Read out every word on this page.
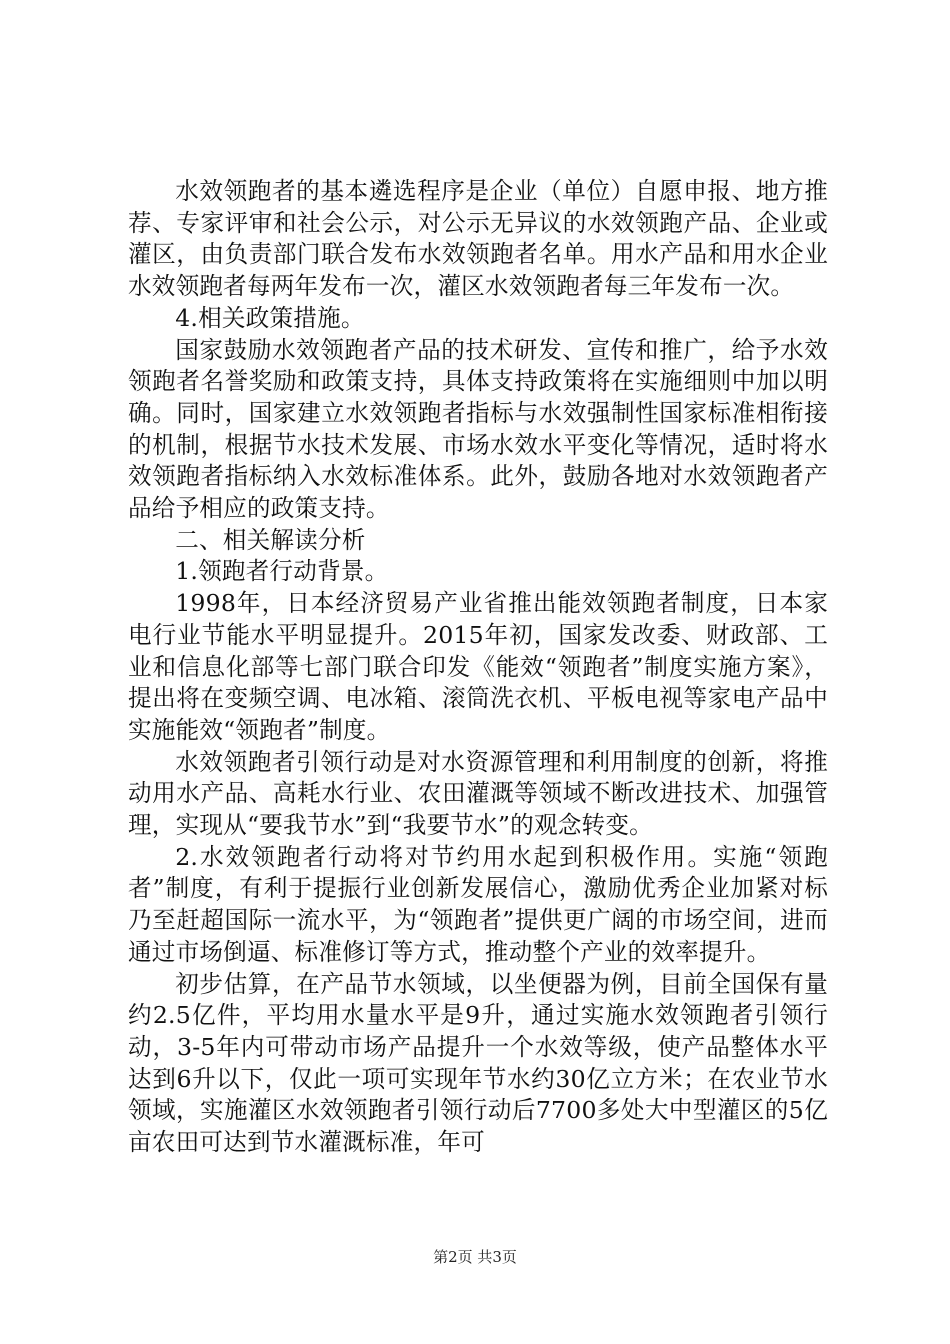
水效领跑者的基本遴选程序是企业（单位）自愿申报、地方推荐、专家评审和社会公示，对公示无异议的水效领跑产品、企业或灌区，由负责部门联合发布水效领跑者名单。用水产品和用水企业水效领跑者每两年发布一次，灌区水效领跑者每三年发布一次。

4.相关政策措施。

国家鼓励水效领跑者产品的技术研发、宣传和推广，给予水效领跑者名誉奖励和政策支持，具体支持政策将在实施细则中加以明确。同时，国家建立水效领跑者指标与水效强制性国家标准相衔接的机制，根据节水技术发展、市场水效水平变化等情况，适时将水效领跑者指标纳入水效标准体系。此外，鼓励各地对水效领跑者产品给予相应的政策支持。

二、相关解读分析

1.领跑者行动背景。

1998年，日本经济贸易产业省推出能效领跑者制度，日本家电行业节能水平明显提升。2015年初，国家发改委、财政部、工业和信息化部等七部门联合印发《能效“领跑者”制度实施方案》，提出将在变频空调、电冰箱、滚筒洗衣机、平板电视等家电产品中实施能效“领跑者”制度。

水效领跑者引领行动是对水资源管理和利用制度的创新，将推动用水产品、高耗水行业、农田灌溉等领域不断改进技术、加强管理，实现从“要我节水”到“我要节水”的观念转变。

2.水效领跑者行动将对节约用水起到积极作用。实施“领跑者”制度，有利于提振行业创新发展信心，激励优秀企业加紧对标乃至赶超国际一流水平，为“领跑者”提供更广阔的市场空间，进而通过市场倒逼、标准修订等方式，推动整个产业的效率提升。

初步估算，在产品节水领域，以坐便器为例，目前全国保有量约2.5亿件，平均用水量水平是9升，通过实施水效领跑者引领行动，3-5年内可带动市场产品提升一个水效等级，使产品整体水平达到6升以下，仅此一项可实现年节水约30亿立方米；在农业节水领域，实施灌区水效领跑者引领行动后7700多处大中型灌区的5亿亩农田可达到节水灌溉标准，年可

第2页 共3页
